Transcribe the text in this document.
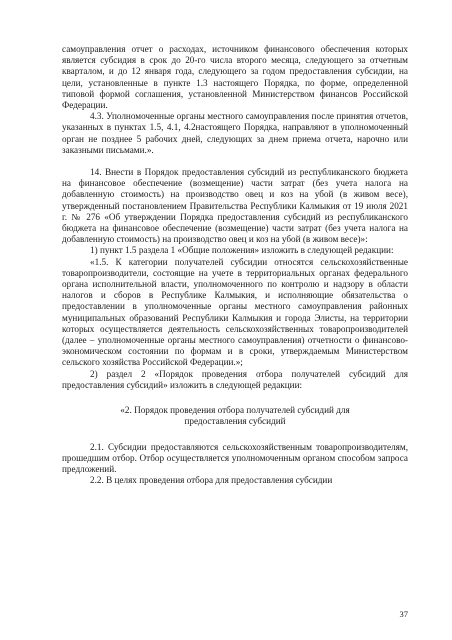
самоуправления отчет о расходах, источником финансового обеспечения которых является субсидия в срок до 20-го числа второго месяца, следующего за отчетным кварталом, и до 12 января года, следующего за годом предоставления субсидии, на цели, установленные в пункте 1.3 настоящего Порядка, по форме, определенной типовой формой соглашения, установленной Министерством финансов Российской Федерации.

4.3. Уполномоченные органы местного самоуправления после принятия отчетов, указанных в пунктах 1.5, 4.1, 4.2настоящего Порядка, направляют в уполномоченный орган не позднее 5 рабочих дней, следующих за днем приема отчета, нарочно или заказными письмами.».

14. Внести в Порядок предоставления субсидий из республиканского бюджета на финансовое обеспечение (возмещение) части затрат (без учета налога на добавленную стоимость) на производство овец и коз на убой (в живом весе), утвержденный постановлением Правительства Республики Калмыкия от 19 июля 2021 г. № 276 «Об утверждении Порядка предоставления субсидий из республиканского бюджета на финансовое обеспечение (возмещение) части затрат (без учета налога на добавленную стоимость) на производство овец и коз на убой (в живом весе)»:

1) пункт 1.5 раздела 1 «Общие положения» изложить в следующей редакции:

«1.5. К категории получателей субсидии относятся сельскохозяйственные товаропроизводители, состоящие на учете в территориальных органах федерального органа исполнительной власти, уполномоченного по контролю и надзору в области налогов и сборов в Республике Калмыкия, и исполняющие обязательства о предоставлении в уполномоченные органы местного самоуправления районных муниципальных образований Республики Калмыкия и города Элисты, на территории которых осуществляется деятельность сельскохозяйственных товаропроизводителей (далее – уполномоченные органы местного самоуправления) отчетности о финансово-экономическом состоянии по формам и в сроки, утверждаемым Министерством сельского хозяйства Российской Федерации.»;

2) раздел 2 «Порядок проведения отбора получателей субсидий для предоставления субсидий» изложить в следующей редакции:

«2. Порядок проведения отбора получателей субсидий для

предоставления субсидий

2.1. Субсидии предоставляются сельскохозяйственным товаропроизводителям, прошедшим отбор. Отбор осуществляется уполномоченным органом способом запроса предложений.

2.2. В целях проведения отбора для предоставления субсидии

37
